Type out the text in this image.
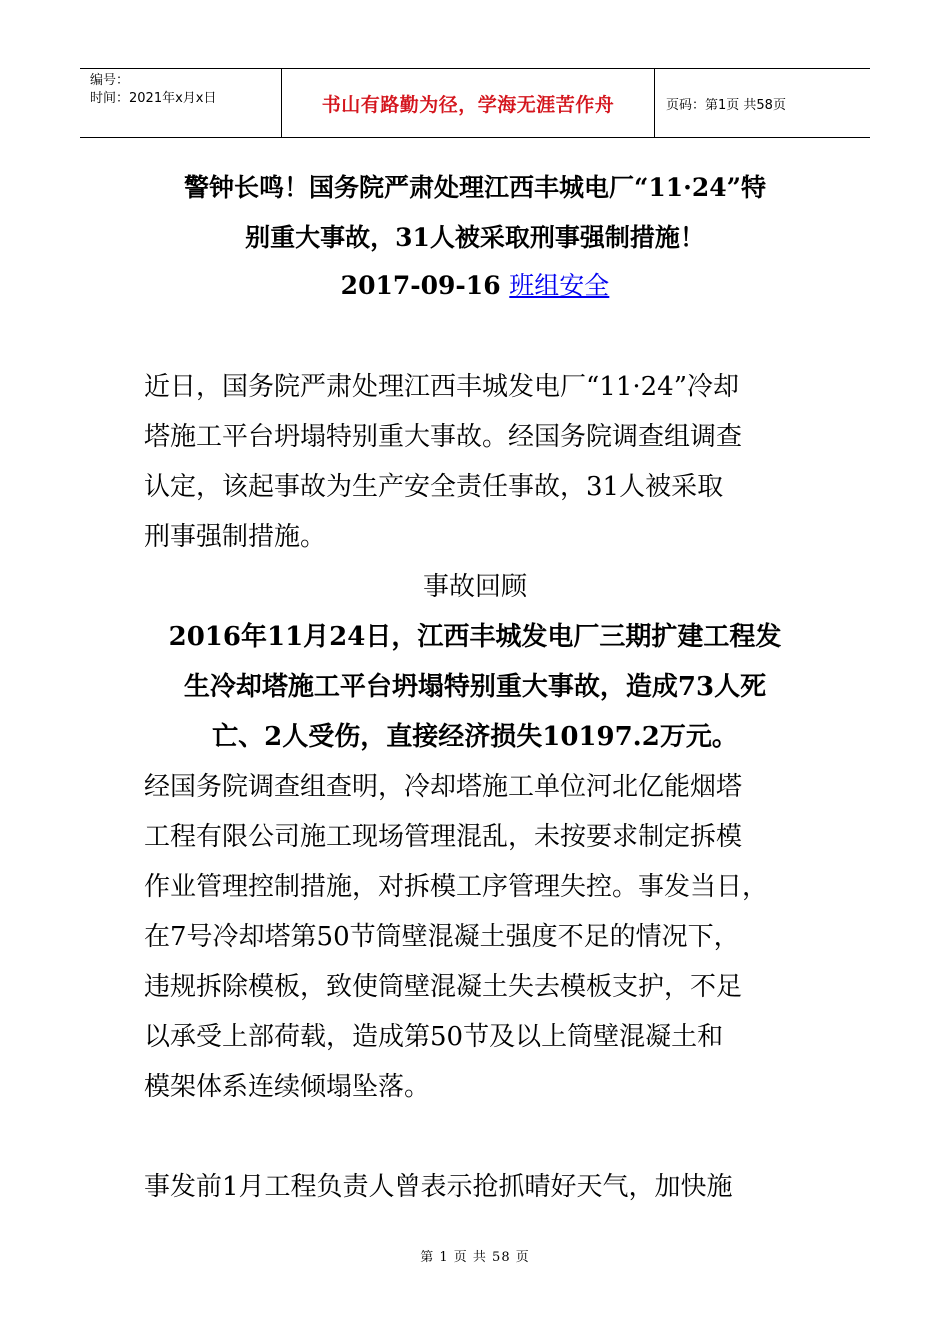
编号：
时间：2021年x月x日	书山有路勤为径，学海无涯苦作舟	页码：第1页 共58页
警钟长鸣！国务院严肃处理江西丰城电厂“11·24”特
别重大事故，31人被采取刑事强制措施！
2017-09-16 班组安全
近日，国务院严肃处理江西丰城发电厂“11·24”冷却
塔施工平台坍塌特别重大事故。经国务院调查组调查
认定，该起事故为生产安全责任事故，31人被采取
刑事强制措施。
事故回顾
2016年11月24日，江西丰城发电厂三期扩建工程发
生冷却塔施工平台坍塌特别重大事故，造成73人死
亡、2人受伤，直接经济损失10197.2万元。
经国务院调查组查明，冷却塔施工单位河北亿能烟塔
工程有限公司施工现场管理混乱，未按要求制定拆模
作业管理控制措施，对拆模工序管理失控。事发当日，
在7号冷却塔第50节筒壁混凝土强度不足的情况下，
违规拆除模板，致使筒壁混凝土失去模板支护，不足
以承受上部荷载，造成第50节及以上筒壁混凝土和
模架体系连续倾塌坠落。
事发前1月工程负责人曾表示抢抓晴好天气，加快施
第 1 页 共 58 页
